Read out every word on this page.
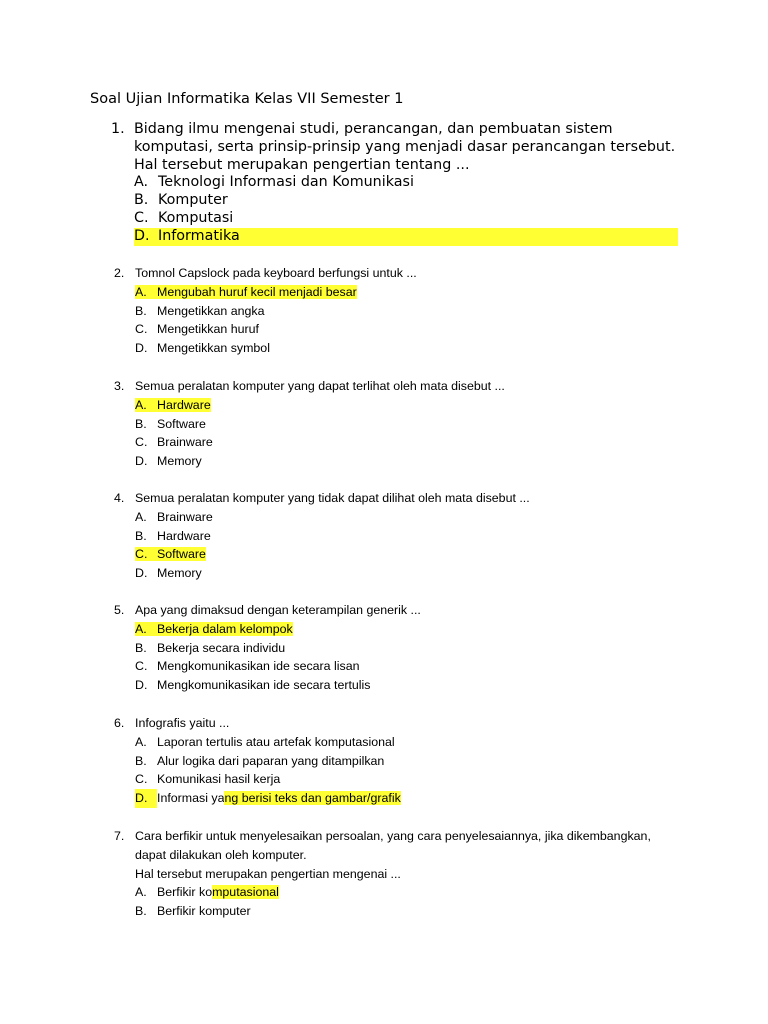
Soal Ujian Informatika Kelas VII Semester 1
1. Bidang ilmu mengenai studi, perancangan, dan pembuatan sistem
komputasi, serta prinsip-prinsip yang menjadi dasar perancangan tersebut.
Hal tersebut merupakan pengertian tentang ...
A. Teknologi Informasi dan Komunikasi
B. Komputer
C. Komputasi
D. Informatika
2. Tomnol Capslock pada keyboard berfungsi untuk ...
A. Mengubah huruf kecil menjadi besar
B. Mengetikkan angka
C. Mengetikkan huruf
D. Mengetikkan symbol
3. Semua peralatan komputer yang dapat terlihat oleh mata disebut ...
A. Hardware
B. Software
C. Brainware
D. Memory
4. Semua peralatan komputer yang tidak dapat dilihat oleh mata disebut ...
A. Brainware
B. Hardware
C. Software
D. Memory
5. Apa yang dimaksud dengan keterampilan generik ...
A. Bekerja dalam kelompok
B. Bekerja secara individu
C. Mengkomunikasikan ide secara lisan
D. Mengkomunikasikan ide secara tertulis
6. Infografis yaitu ...
A. Laporan tertulis atau artefak komputasional
B. Alur logika dari paparan yang ditampilkan
C. Komunikasi hasil kerja
D. Informasi yang berisi teks dan gambar/grafik
7. Cara berfikir untuk menyelesaikan persoalan, yang cara penyelesaiannya, jika dikembangkan,
dapat dilakukan oleh komputer.
Hal tersebut merupakan pengertian mengenai ...
A. Berfikir komputasional
B. Berfikir komputer
